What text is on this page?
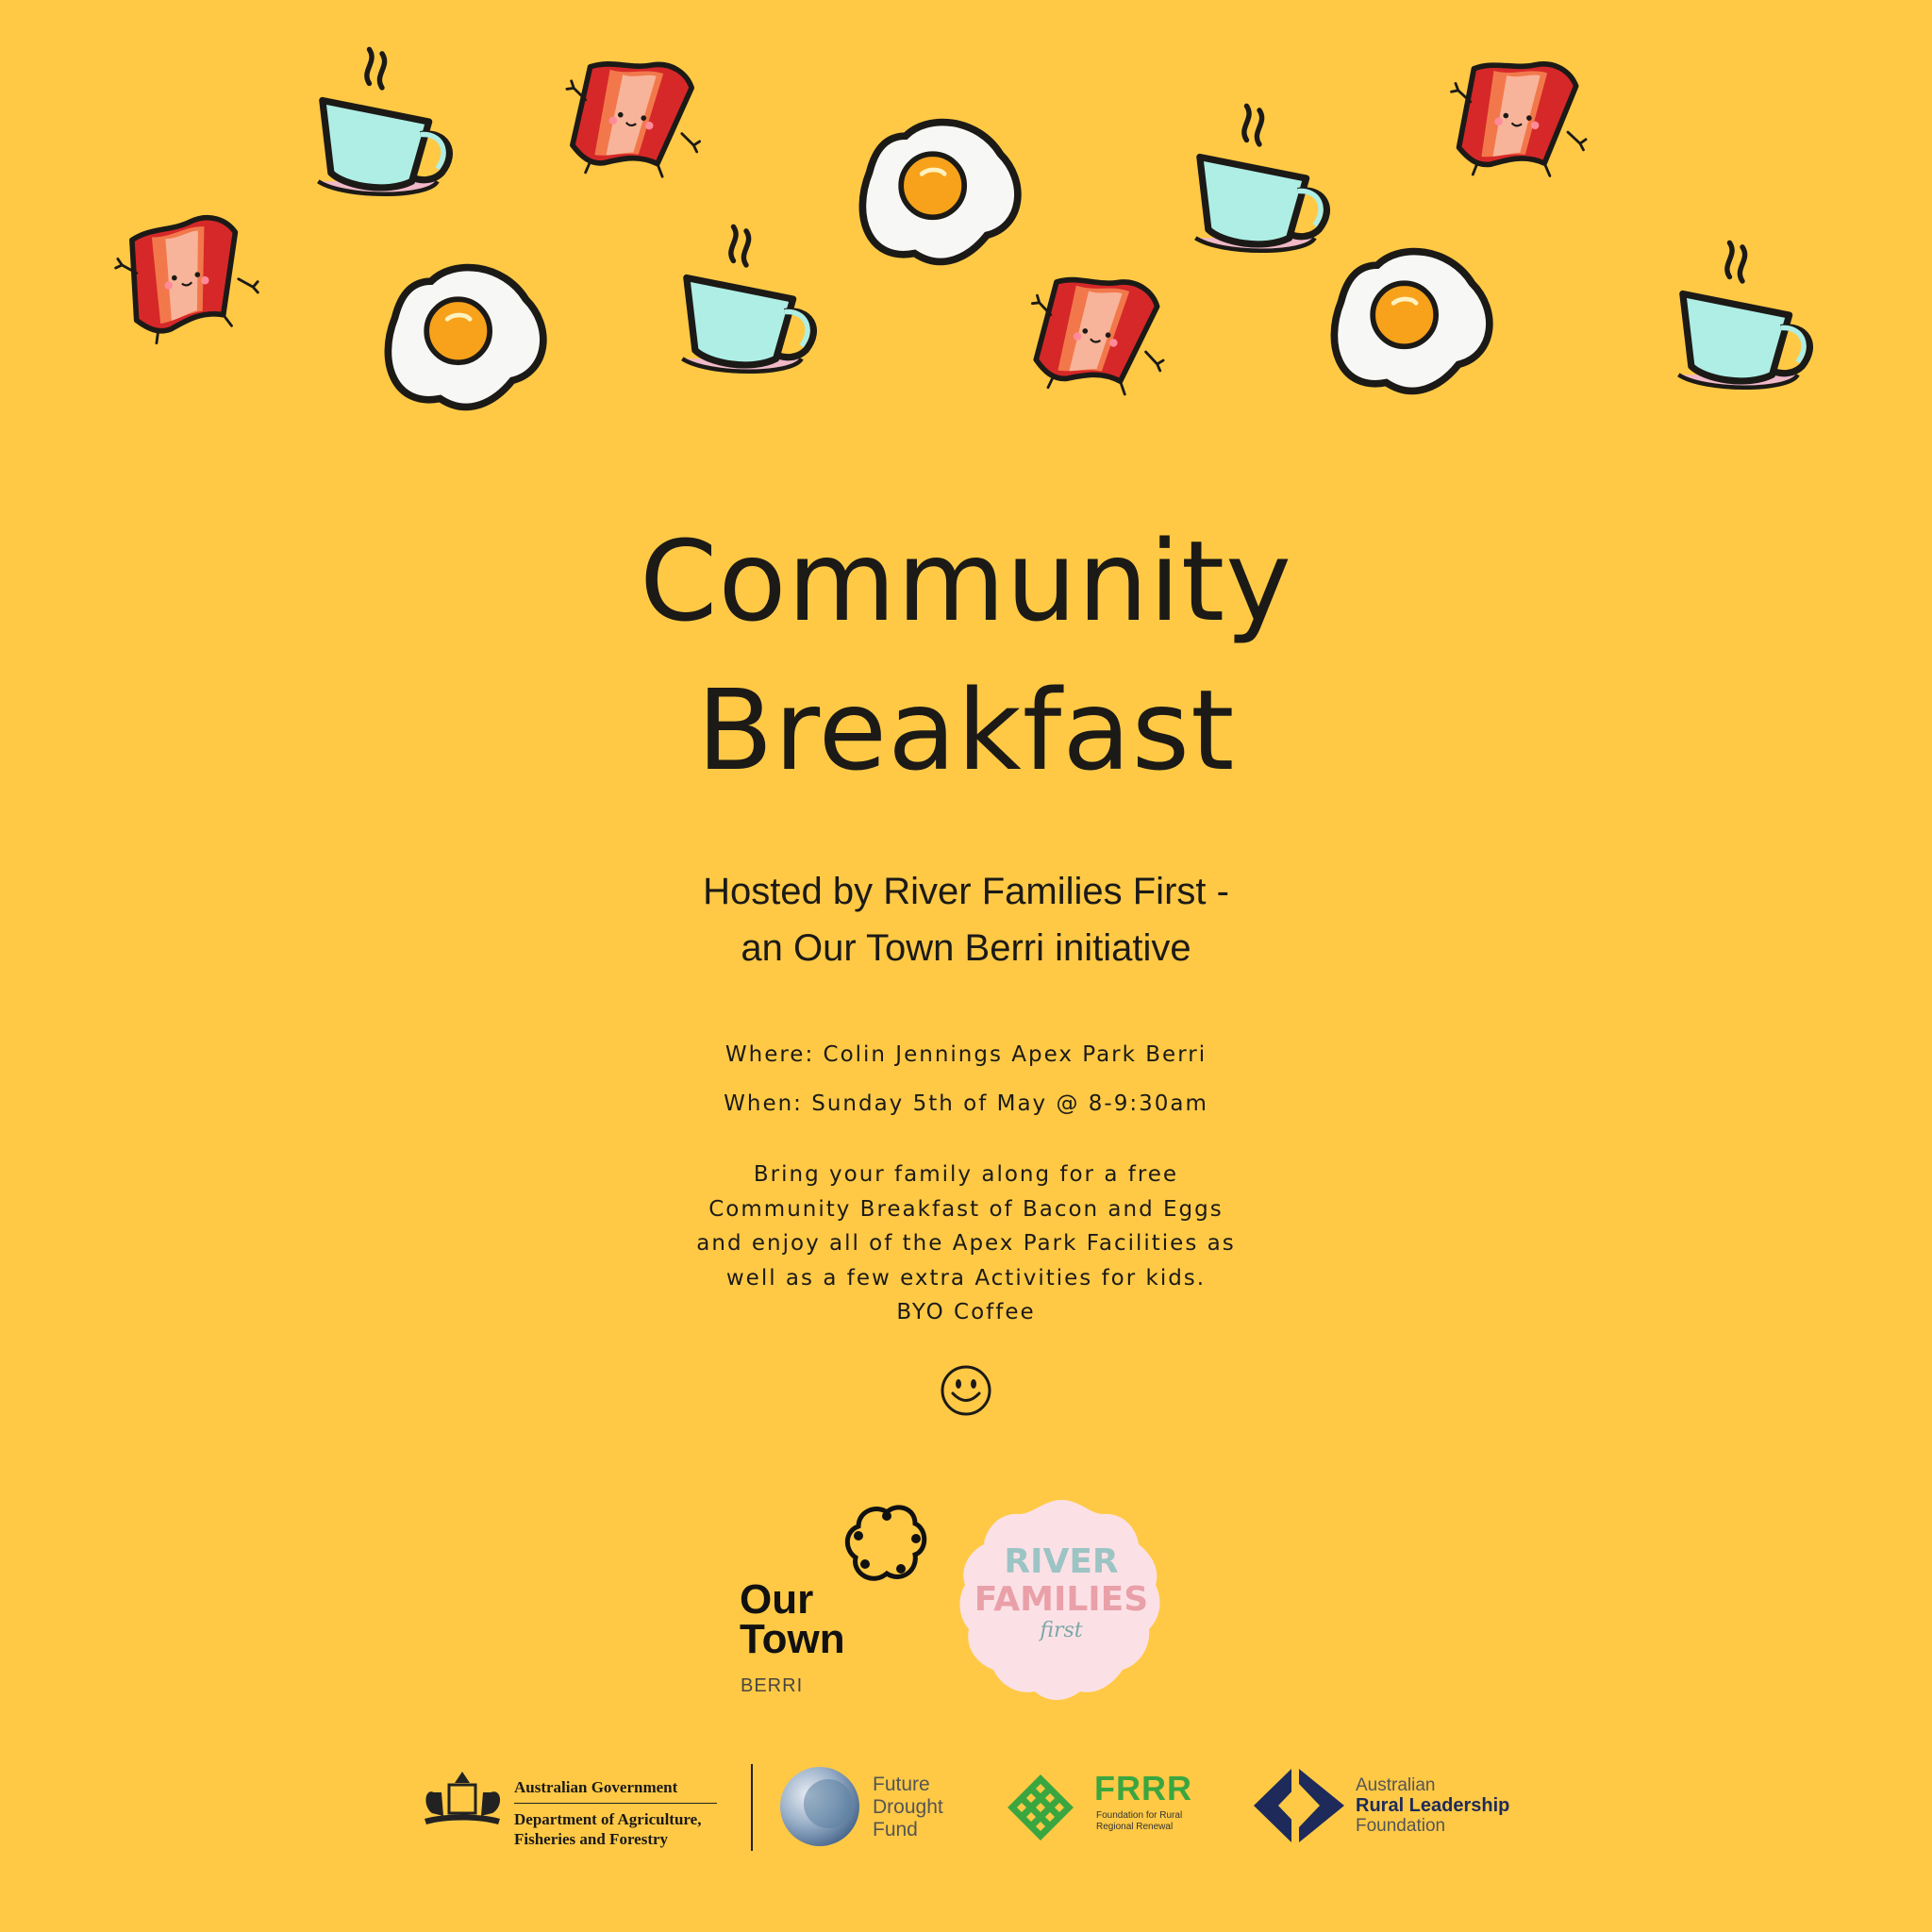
Community
Breakfast
Hosted by River Families First -
an Our Town Berri initiative
Where: Colin Jennings Apex Park Berri
When: Sunday 5th of May @ 8-9:30am
Bring your family along for a free
Community Breakfast of Bacon and Eggs
and enjoy all of the Apex Park Facilities as
well as a few extra Activities for kids.
BYO Coffee
Our
Town
BERRI
RIVER
FAMILIES
first
Australian Government
Department of Agriculture,
Fisheries and Forestry
Future
Drought
Fund
FRRR
Foundation for Rural
Regional Renewal
Australian
Rural Leadership
Foundation
